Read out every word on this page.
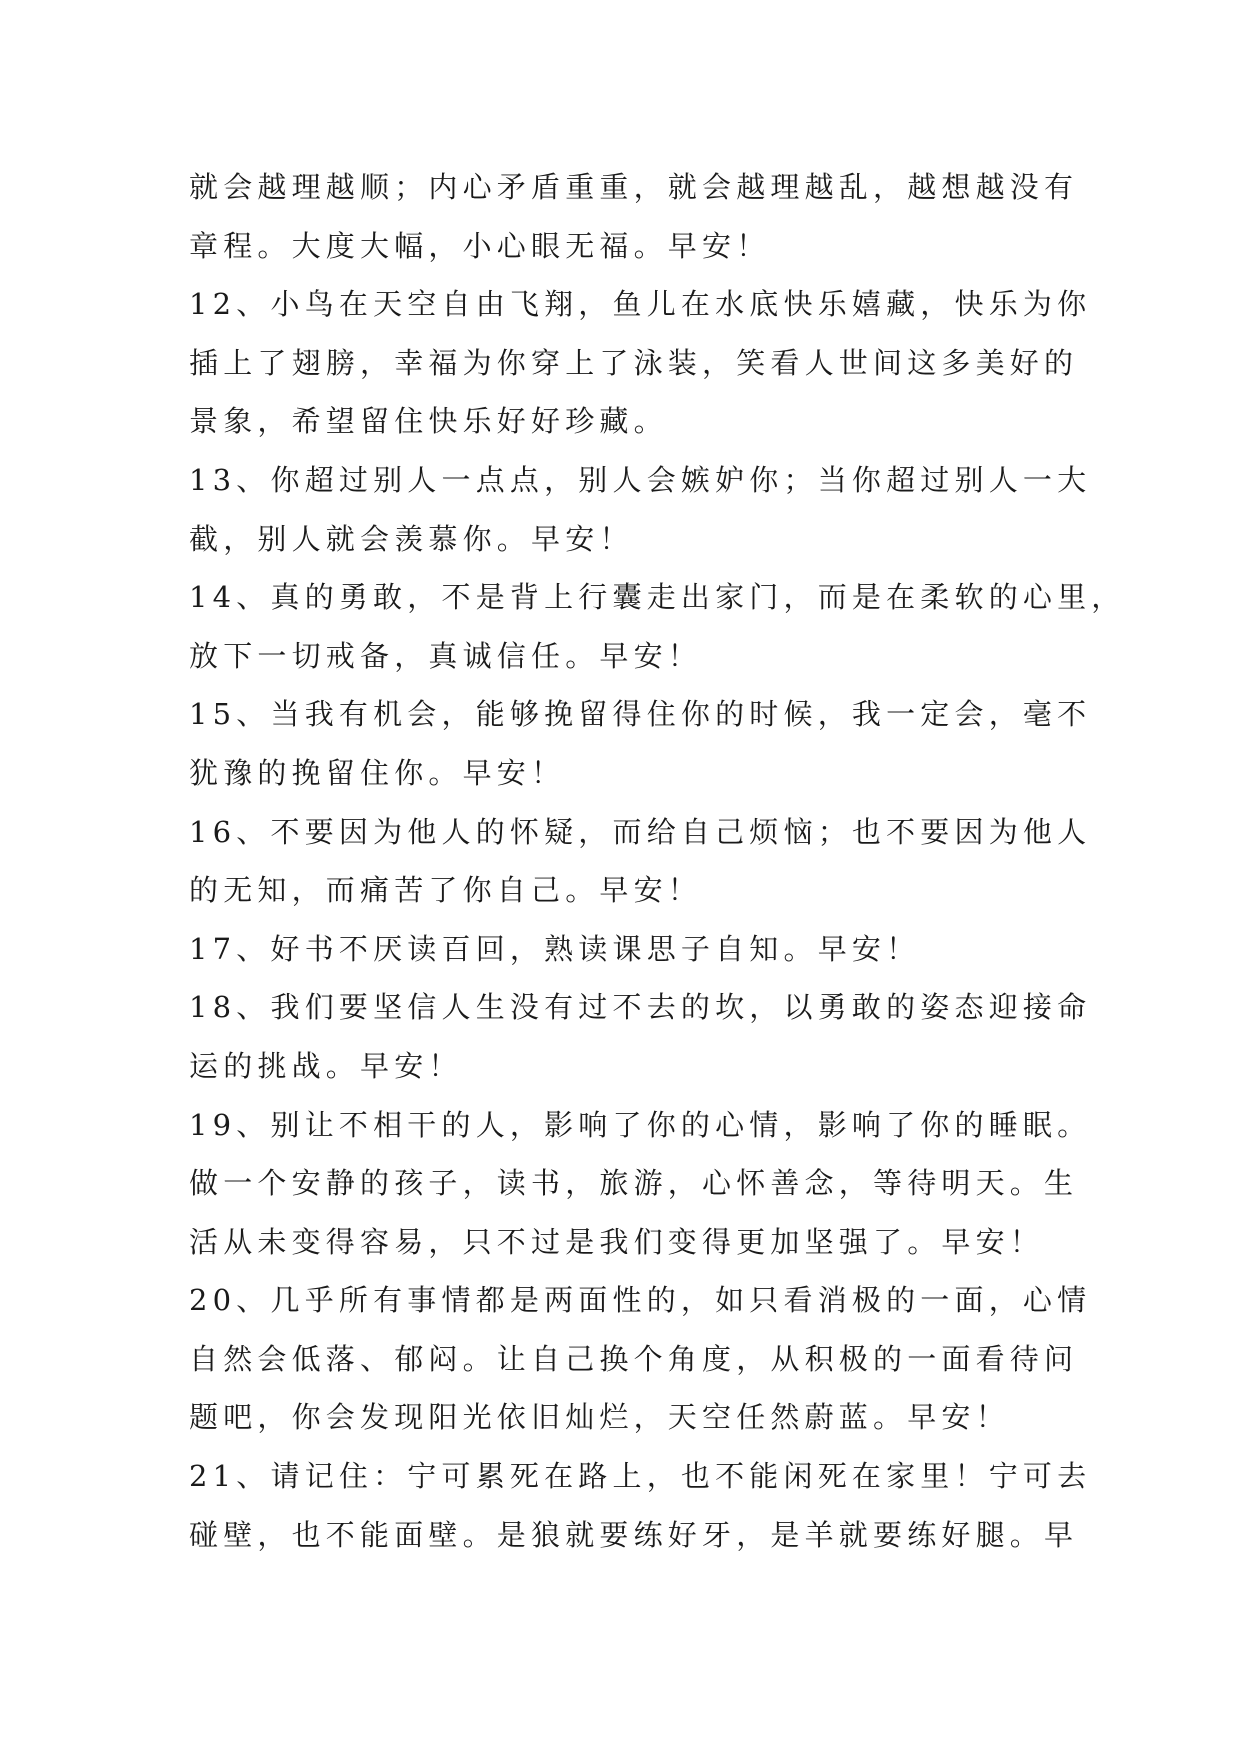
就会越理越顺；内心矛盾重重，就会越理越乱，越想越没有
章程。大度大幅，小心眼无福。早安！
12、小鸟在天空自由飞翔，鱼儿在水底快乐嬉藏，快乐为你
插上了翅膀，幸福为你穿上了泳装，笑看人世间这多美好的
景象，希望留住快乐好好珍藏。
13、你超过别人一点点，别人会嫉妒你；当你超过别人一大
截，别人就会羡慕你。早安！
14、真的勇敢，不是背上行囊走出家门，而是在柔软的心里，
放下一切戒备，真诚信任。早安！
15、当我有机会，能够挽留得住你的时候，我一定会，毫不
犹豫的挽留住你。早安！
16、不要因为他人的怀疑，而给自己烦恼；也不要因为他人
的无知，而痛苦了你自己。早安！
17、好书不厌读百回，熟读课思子自知。早安！
18、我们要坚信人生没有过不去的坎，以勇敢的姿态迎接命
运的挑战。早安！
19、别让不相干的人，影响了你的心情，影响了你的睡眠。
做一个安静的孩子，读书，旅游，心怀善念，等待明天。生
活从未变得容易，只不过是我们变得更加坚强了。早安！
20、几乎所有事情都是两面性的，如只看消极的一面，心情
自然会低落、郁闷。让自己换个角度，从积极的一面看待问
题吧，你会发现阳光依旧灿烂，天空任然蔚蓝。早安！
21、请记住：宁可累死在路上，也不能闲死在家里！宁可去
碰壁，也不能面壁。是狼就要练好牙，是羊就要练好腿。早
